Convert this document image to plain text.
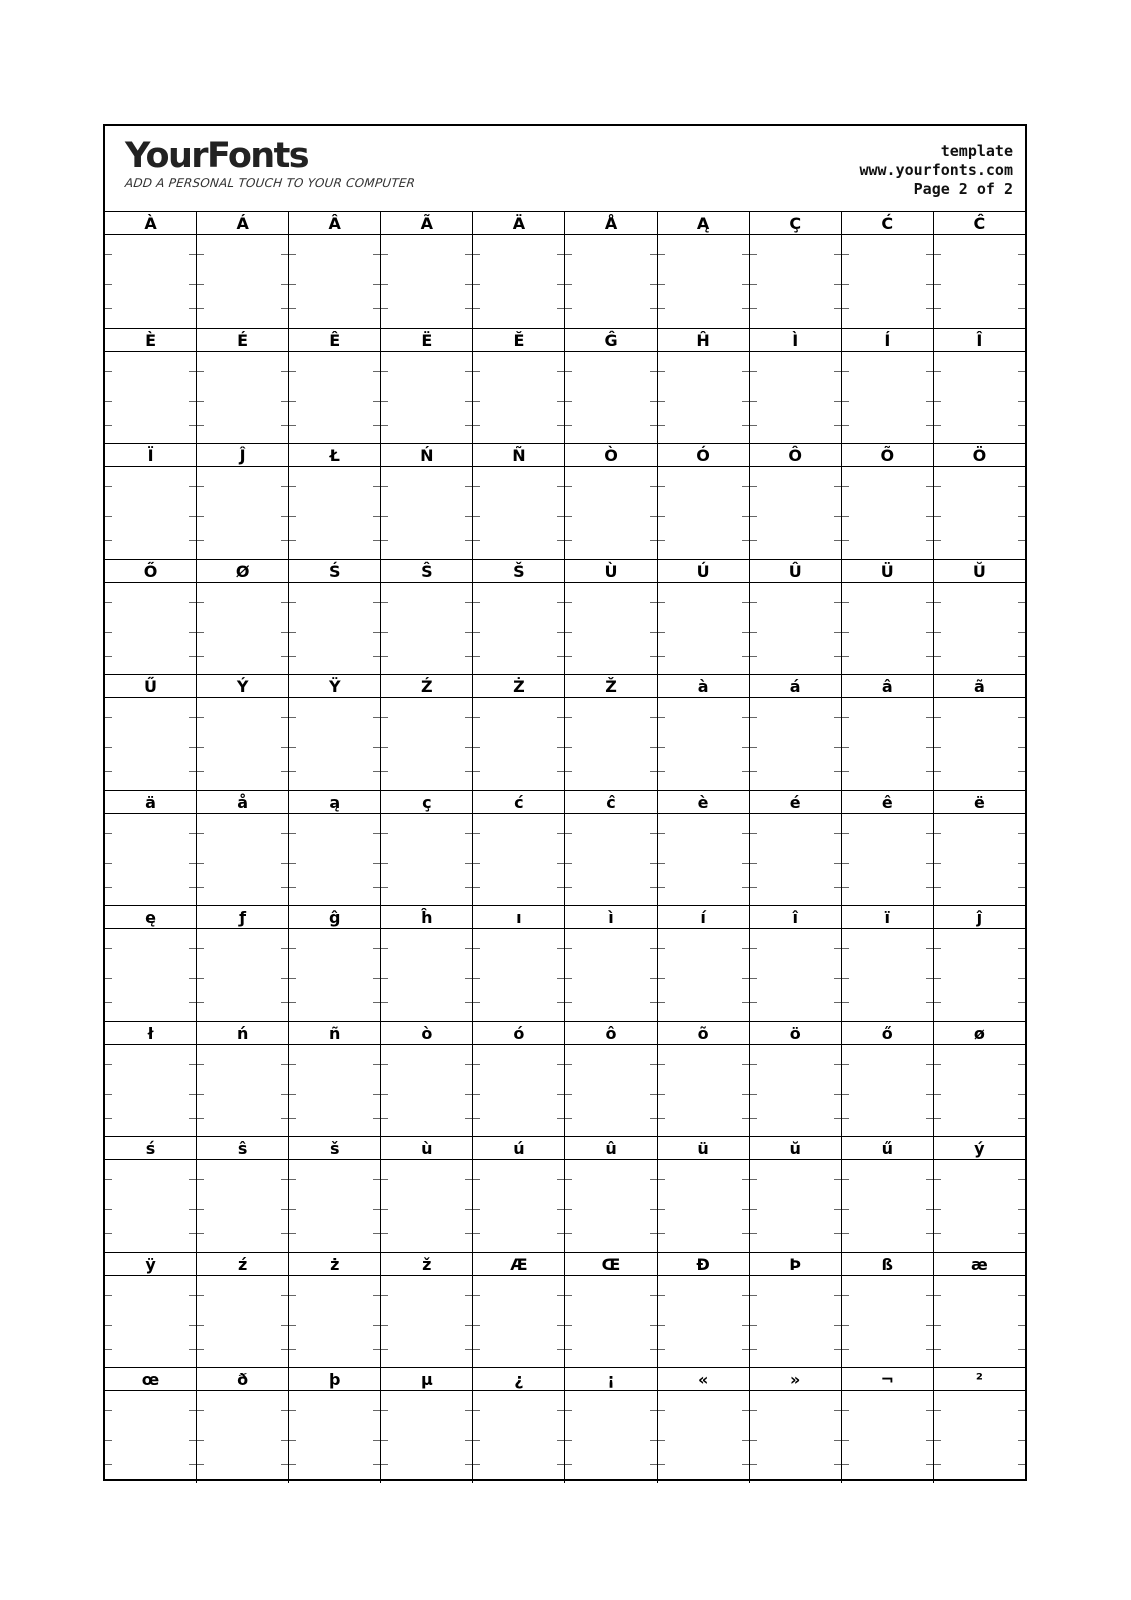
YourFonts
ADD A PERSONAL TOUCH TO YOUR COMPUTER
template
www.yourfonts.com
Page 2 of 2
À	Á	Â	Ã	Ä	Å	Ą	Ç	Ć	Ĉ
È	É	Ê	Ë	Ĕ	Ĝ	Ĥ	Ì	Í	Î
Ï	Ĵ	Ł	Ń	Ñ	Ò	Ó	Ô	Õ	Ö
Ő	Ø	Ś	Ŝ	Š	Ù	Ú	Û	Ü	Ŭ
Ű	Ý	Ÿ	Ź	Ż	Ž	à	á	â	ã
ä	å	ą	ç	ć	ĉ	è	é	ê	ë
ę	ƒ	ĝ	ĥ	ı	ì	í	î	ï	ĵ
ł	ń	ñ	ò	ó	ô	õ	ö	ő	ø
ś	ŝ	š	ù	ú	û	ü	ŭ	ű	ý
ÿ	ź	ż	ž	Æ	Œ	Đ	Þ	ß	æ
œ	ð	þ	µ	¿	¡	«	»	¬	²
